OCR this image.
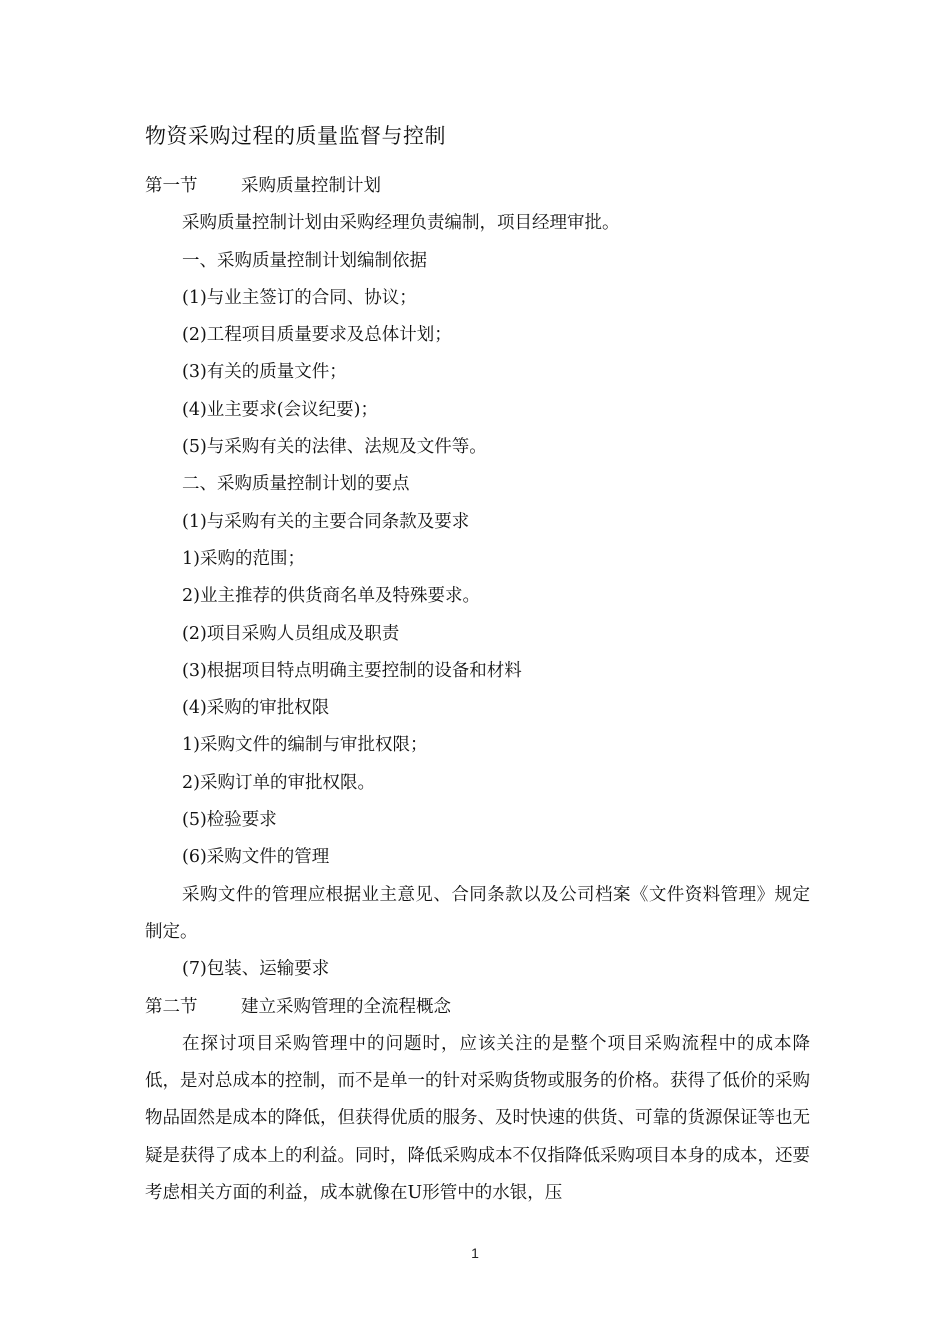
物资采购过程的质量监督与控制
第一节 采购质量控制计划
采购质量控制计划由采购经理负责编制，项目经理审批。
一、采购质量控制计划编制依据
(1)与业主签订的合同、协议；
(2)工程项目质量要求及总体计划；
(3)有关的质量文件；
(4)业主要求(会议纪要)；
(5)与采购有关的法律、法规及文件等。
二、采购质量控制计划的要点
(1)与采购有关的主要合同条款及要求
1)采购的范围；
2)业主推荐的供货商名单及特殊要求。
(2)项目采购人员组成及职责
(3)根据项目特点明确主要控制的设备和材料
(4)采购的审批权限
1)采购文件的编制与审批权限；
2)采购订单的审批权限。
(5)检验要求
(6)采购文件的管理

采购文件的管理应根据业主意见、合同条款以及公司档案《文件资料管理》规定制定。

(7)包装、运输要求
第二节 建立采购管理的全流程概念

在探讨项目采购管理中的问题时，应该关注的是整个项目采购流程中的成本降低，是对总成本的控制，而不是单一的针对采购货物或服务的价格。获得了低价的采购物品固然是成本的降低，但获得优质的服务、及时快速的供货、可靠的货源保证等也无疑是获得了成本上的利益。同时，降低采购成本不仅指降低采购项目本身的成本，还要考虑相关方面的利益，成本就像在U形管中的水银，压

1
